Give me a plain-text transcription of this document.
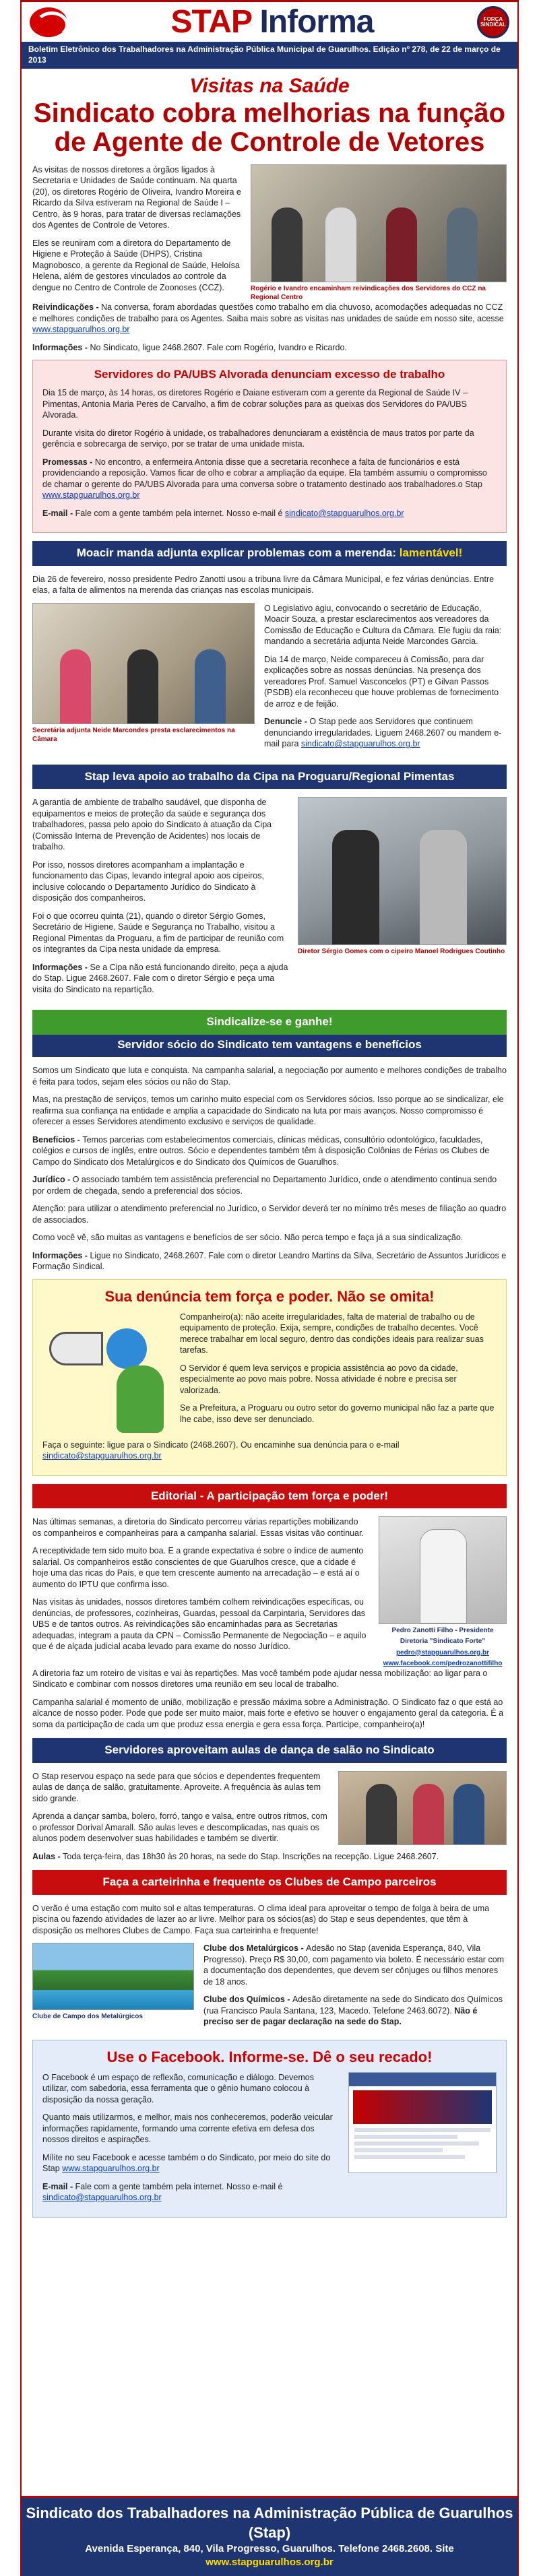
STAP Informa	FORÇA SINDICAL
Boletim Eletrônico dos Trabalhadores na Administração Pública Municipal de Guarulhos. Edição nº 278, de 22 de março de 2013
Visitas na Saúde
Sindicato cobra melhorias na função de Agente de Controle de Vetores

As visitas de nossos diretores a órgãos ligados à Secretaria e Unidades de Saúde continuam. Na quarta (20), os diretores Rogério de Oliveira, Ivandro Moreira e Ricardo da Silva estiveram na Regional de Saúde I – Centro, às 9 horas, para tratar de diversas reclamações dos Agentes de Controle de Vetores.

Eles se reuniram com a diretora do Departamento de Higiene e Proteção à Saúde (DHPS), Cristina Magnobosco, a gerente da Regional de Saúde, Heloísa Helena, além de gestores vinculados ao controle da dengue no Centro de Controle de Zoonoses (CCZ).	Rogério e Ivandro encaminham reivindicações dos Servidores do CCZ na Regional Centro

Reivindicações - Na conversa, foram abordadas questões como trabalho em dia chuvoso, acomodações adequadas no CCZ e melhores condições de trabalho para os Agentes. Saiba mais sobre as visitas nas unidades de saúde em nosso site, acesse www.stapguarulhos.org.br

Informações - No Sindicato, ligue 2468.2607. Fale com Rogério, Ivandro e Ricardo.

Servidores do PA/UBS Alvorada denunciam excesso de trabalho

Dia 15 de março, às 14 horas, os diretores Rogério e Daiane estiveram com a gerente da Regional de Saúde IV – Pimentas, Antonia Maria Peres de Carvalho, a fim de cobrar soluções para as queixas dos Servidores do PA/UBS Alvorada.

Durante visita do diretor Rogério à unidade, os trabalhadores denunciaram a existência de maus tratos por parte da gerência e sobrecarga de serviço, por se tratar de uma unidade mista.

Promessas - No encontro, a enfermeira Antonia disse que a secretaria reconhece a falta de funcionários e está providenciando a reposição. Vamos ficar de olho e cobrar a ampliação da equipe. Ela também assumiu o compromisso de chamar o gerente do PA/UBS Alvorada para uma conversa sobre o tratamento destinado aos trabalhadores.o Stap www.stapguarulhos.org.br

E-mail - Fale com a gente também pela internet. Nosso e-mail é sindicato@stapguarulhos.org.br

Moacir manda adjunta explicar problemas com a merenda: lamentável!

Dia 26 de fevereiro, nosso presidente Pedro Zanotti usou a tribuna livre da Câmara Municipal, e fez várias denúncias. Entre elas, a falta de alimentos na merenda das crianças nas escolas municipais.

Secretária adjunta Neide Marcondes presta esclarecimentos na Câmara

O Legislativo agiu, convocando o secretário de Educação, Moacir Souza, a prestar esclarecimentos aos vereadores da Comissão de Educação e Cultura da Câmara. Ele fugiu da raia: mandando a secretária adjunta Neide Marcondes Garcia.

Dia 14 de março, Neide compareceu à Comissão, para dar explicações sobre as nossas denúncias. Na presença dos vereadores Prof. Samuel Vasconcelos (PT) e Gilvan Passos (PSDB) ela reconheceu que houve problemas de fornecimento de arroz e de feijão.

Denuncie - O Stap pede aos Servidores que continuem denunciando irregularidades. Liguem 2468.2607 ou mandem e-mail para sindicato@stapguarulhos.org.br

Stap leva apoio ao trabalho da Cipa na Proguaru/Regional Pimentas

A garantia de ambiente de trabalho saudável, que disponha de equipamentos e meios de proteção da saúde e segurança dos trabalhadores, passa pelo apoio do Sindicato à atuação da Cipa (Comissão Interna de Prevenção de Acidentes) nos locais de trabalho.

Por isso, nossos diretores acompanham a implantação e funcionamento das Cipas, levando integral apoio aos cipeiros, inclusive colocando o Departamento Jurídico do Sindicato à disposição dos companheiros.

Foi o que ocorreu quinta (21), quando o diretor Sérgio Gomes, Secretário de Higiene, Saúde e Segurança no Trabalho, visitou a Regional Pimentas da Proguaru, a fim de participar de reunião com os integrantes da Cipa nesta unidade da empresa.

Informações - Se a Cipa não está funcionando direito, peça a ajuda do Stap. Ligue 2468.2607. Fale com o diretor Sérgio e peça uma visita do Sindicato na repartição.

Diretor Sérgio Gomes com o cipeiro Manoel Rodrigues Coutinho
Sindicalize-se e ganhe!
Servidor sócio do Sindicato tem vantagens e benefícios

Somos um Sindicato que luta e conquista. Na campanha salarial, a negociação por aumento e melhores condições de trabalho é feita para todos, sejam eles sócios ou não do Stap.

Mas, na prestação de serviços, temos um carinho muito especial com os Servidores sócios. Isso porque ao se sindicalizar, ele reafirma sua confiança na entidade e amplia a capacidade do Sindicato na luta por mais avanços. Nosso compromisso é oferecer a esses Servidores atendimento exclusivo e serviços de qualidade.

Benefícios - Temos parcerias com estabelecimentos comerciais, clínicas médicas, consultório odontológico, faculdades, colégios e cursos de inglês, entre outros. Sócio e dependentes também têm à disposição Colônias de Férias os Clubes de Campo do Sindicato dos Metalúrgicos e do Sindicato dos Químicos de Guarulhos.

Jurídico - O associado também tem assistência preferencial no Departamento Jurídico, onde o atendimento continua sendo por ordem de chegada, sendo a preferencial dos sócios.

Atenção: para utilizar o atendimento preferencial no Jurídico, o Servidor deverá ter no mínimo três meses de filiação ao quadro de associados.

Como você vê, são muitas as vantagens e benefícios de ser sócio. Não perca tempo e faça já a sua sindicalização.

Informações - Ligue no Sindicato, 2468.2607. Fale com o diretor Leandro Martins da Silva, Secretário de Assuntos Jurídicos e Formação Sindical.

Sua denúncia tem força e poder. Não se omita!

Companheiro(a): não aceite irregularidades, falta de material de trabalho ou de equipamento de proteção. Exija, sempre, condições de trabalho decentes. Você merece trabalhar em local seguro, dentro das condições ideais para realizar suas tarefas.

O Servidor é quem leva serviços e propicia assistência ao povo da cidade, especialmente ao povo mais pobre. Nossa atividade é nobre e precisa ser valorizada.

Se a Prefeitura, a Proguaru ou outro setor do governo municipal não faz a parte que lhe cabe, isso deve ser denunciado.

Faça o seguinte: ligue para o Sindicato (2468.2607). Ou encaminhe sua denúncia para o e-mail sindicato@stapguarulhos.org.br

Editorial - A participação tem força e poder!

Nas últimas semanas, a diretoria do Sindicato percorreu várias repartições mobilizando os companheiros e companheiras para a campanha salarial. Essas visitas vão continuar.

A receptividade tem sido muito boa. E a grande expectativa é sobre o índice de aumento salarial. Os companheiros estão conscientes de que Guarulhos cresce, que a cidade é hoje uma das ricas do País, e que tem crescente aumento na arrecadação – e está aí o aumento do IPTU que confirma isso.

Nas visitas às unidades, nossos diretores também colhem reivindicações específicas, ou denúncias, de professores, cozinheiras, Guardas, pessoal da Carpintaria, Servidores das UBS e de tantos outros. As reivindicações são encaminhadas para as Secretarias adequadas, integram a pauta da CPN – Comissão Permanente de Negociação – e aquilo que é de alçada judicial acaba levado para exame do nosso Jurídico.

Pedro Zanotti Filho - Presidente
Diretoria "Sindicato Forte"
pedro@stapguarulhos.org.br
www.facebook.com/pedrozanottifilho

A diretoria faz um roteiro de visitas e vai às repartições. Mas você também pode ajudar nessa mobilização: ao ligar para o Sindicato e combinar com nossos diretores uma reunião em seu local de trabalho.

Campanha salarial é momento de união, mobilização e pressão máxima sobre a Administração. O Sindicato faz o que está ao alcance de nosso poder. Pode que pode ser muito maior, mais forte e efetivo se houver o engajamento geral da categoria. É a soma da participação de cada um que produz essa energia e gera essa força. Participe, companheiro(a)!

Servidores aproveitam aulas de dança de salão no Sindicato

O Stap reservou espaço na sede para que sócios e dependentes frequentem aulas de dança de salão, gratuitamente. Aproveite. A frequência às aulas tem sido grande.

Aprenda a dançar samba, bolero, forró, tango e valsa, entre outros ritmos, com o professor Dorival Amarall. São aulas leves e descomplicadas, nas quais os alunos podem desenvolver suas habilidades e também se divertir.

Aulas - Toda terça-feira, das 18h30 às 20 horas, na sede do Stap. Inscrições na recepção. Ligue 2468.2607.

Faça a carteirinha e frequente os Clubes de Campo parceiros

O verão é uma estação com muito sol e altas temperaturas. O clima ideal para aproveitar o tempo de folga à beira de uma piscina ou fazendo atividades de lazer ao ar livre. Melhor para os sócios(as) do Stap e seus dependentes, que têm à disposição os melhores Clubes de Campo. Faça sua carteirinha e frequente!

Clube de Campo dos Metalúrgicos

Clube dos Metalúrgicos - Adesão no Stap (avenida Esperança, 840, Vila Progresso). Preço R$ 30,00, com pagamento via boleto. É necessário estar com a documentação dos dependentes, que devem ser cônjuges ou filhos menores de 18 anos.

Clube dos Químicos - Adesão diretamente na sede do Sindicato dos Químicos (rua Francisco Paula Santana, 123, Macedo. Telefone 2463.6072). Não é preciso ser de pagar declaração na sede do Stap.

Use o Facebook. Informe-se. Dê o seu recado!

O Facebook é um espaço de reflexão, comunicação e diálogo. Devemos utilizar, com sabedoria, essa ferramenta que o gênio humano colocou à disposição da nossa geração.

Quanto mais utilizarmos, e melhor, mais nos conheceremos, poderão veicular informações rapidamente, formando uma corrente efetiva em defesa dos nossos direitos e aspirações.

Mílite no seu Facebook e acesse também o do Sindicato, por meio do site do Stap www.stapguarulhos.org.br

E-mail - Fale com a gente também pela internet. Nosso e-mail é sindicato@stapguarulhos.org.br

Sindicato dos Trabalhadores na Administração Pública de Guarulhos (Stap)
Avenida Esperança, 840, Vila Progresso, Guarulhos. Telefone 2468.2608. Site www.stapguarulhos.org.br
